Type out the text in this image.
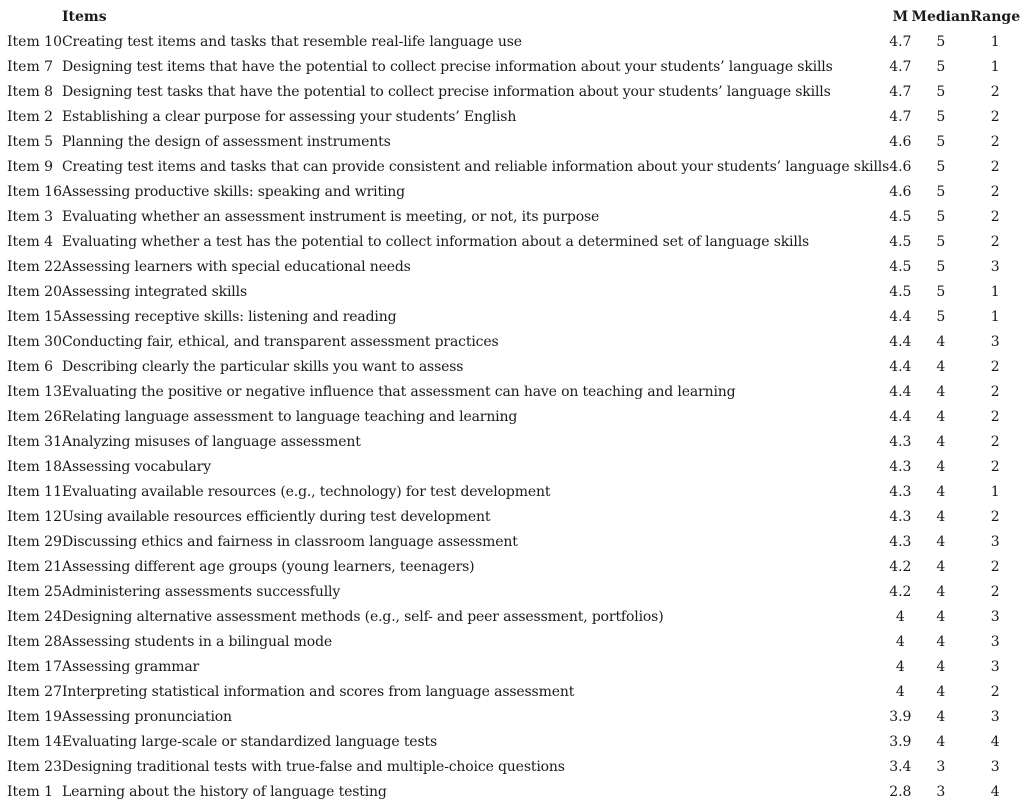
	Items	M	Median	Range
Item 10	Creating test items and tasks that resemble real-life language use	4.7	5	1
Item 7	Designing test items that have the potential to collect precise information about your students’ language skills	4.7	5	1
Item 8	Designing test tasks that have the potential to collect precise information about your students’ language skills	4.7	5	2
Item 2	Establishing a clear purpose for assessing your students’ English	4.7	5	2
Item 5	Planning the design of assessment instruments	4.6	5	2
Item 9	Creating test items and tasks that can provide consistent and reliable information about your students’ language skills	4.6	5	2
Item 16	Assessing productive skills: speaking and writing	4.6	5	2
Item 3	Evaluating whether an assessment instrument is meeting, or not, its purpose	4.5	5	2
Item 4	Evaluating whether a test has the potential to collect information about a determined set of language skills	4.5	5	2
Item 22	Assessing learners with special educational needs	4.5	5	3
Item 20	Assessing integrated skills	4.5	5	1
Item 15	Assessing receptive skills: listening and reading	4.4	5	1
Item 30	Conducting fair, ethical, and transparent assessment practices	4.4	4	3
Item 6	Describing clearly the particular skills you want to assess	4.4	4	2
Item 13	Evaluating the positive or negative influence that assessment can have on teaching and learning	4.4	4	2
Item 26	Relating language assessment to language teaching and learning	4.4	4	2
Item 31	Analyzing misuses of language assessment	4.3	4	2
Item 18	Assessing vocabulary	4.3	4	2
Item 11	Evaluating available resources (e.g., technology) for test development	4.3	4	1
Item 12	Using available resources efficiently during test development	4.3	4	2
Item 29	Discussing ethics and fairness in classroom language assessment	4.3	4	3
Item 21	Assessing different age groups (young learners, teenagers)	4.2	4	2
Item 25	Administering assessments successfully	4.2	4	2
Item 24	Designing alternative assessment methods (e.g., self- and peer assessment, portfolios)	4	4	3
Item 28	Assessing students in a bilingual mode	4	4	3
Item 17	Assessing grammar	4	4	3
Item 27	Interpreting statistical information and scores from language assessment	4	4	2
Item 19	Assessing pronunciation	3.9	4	3
Item 14	Evaluating large-scale or standardized language tests	3.9	4	4
Item 23	Designing traditional tests with true-false and multiple-choice questions	3.4	3	3
Item 1	Learning about the history of language testing	2.8	3	4
